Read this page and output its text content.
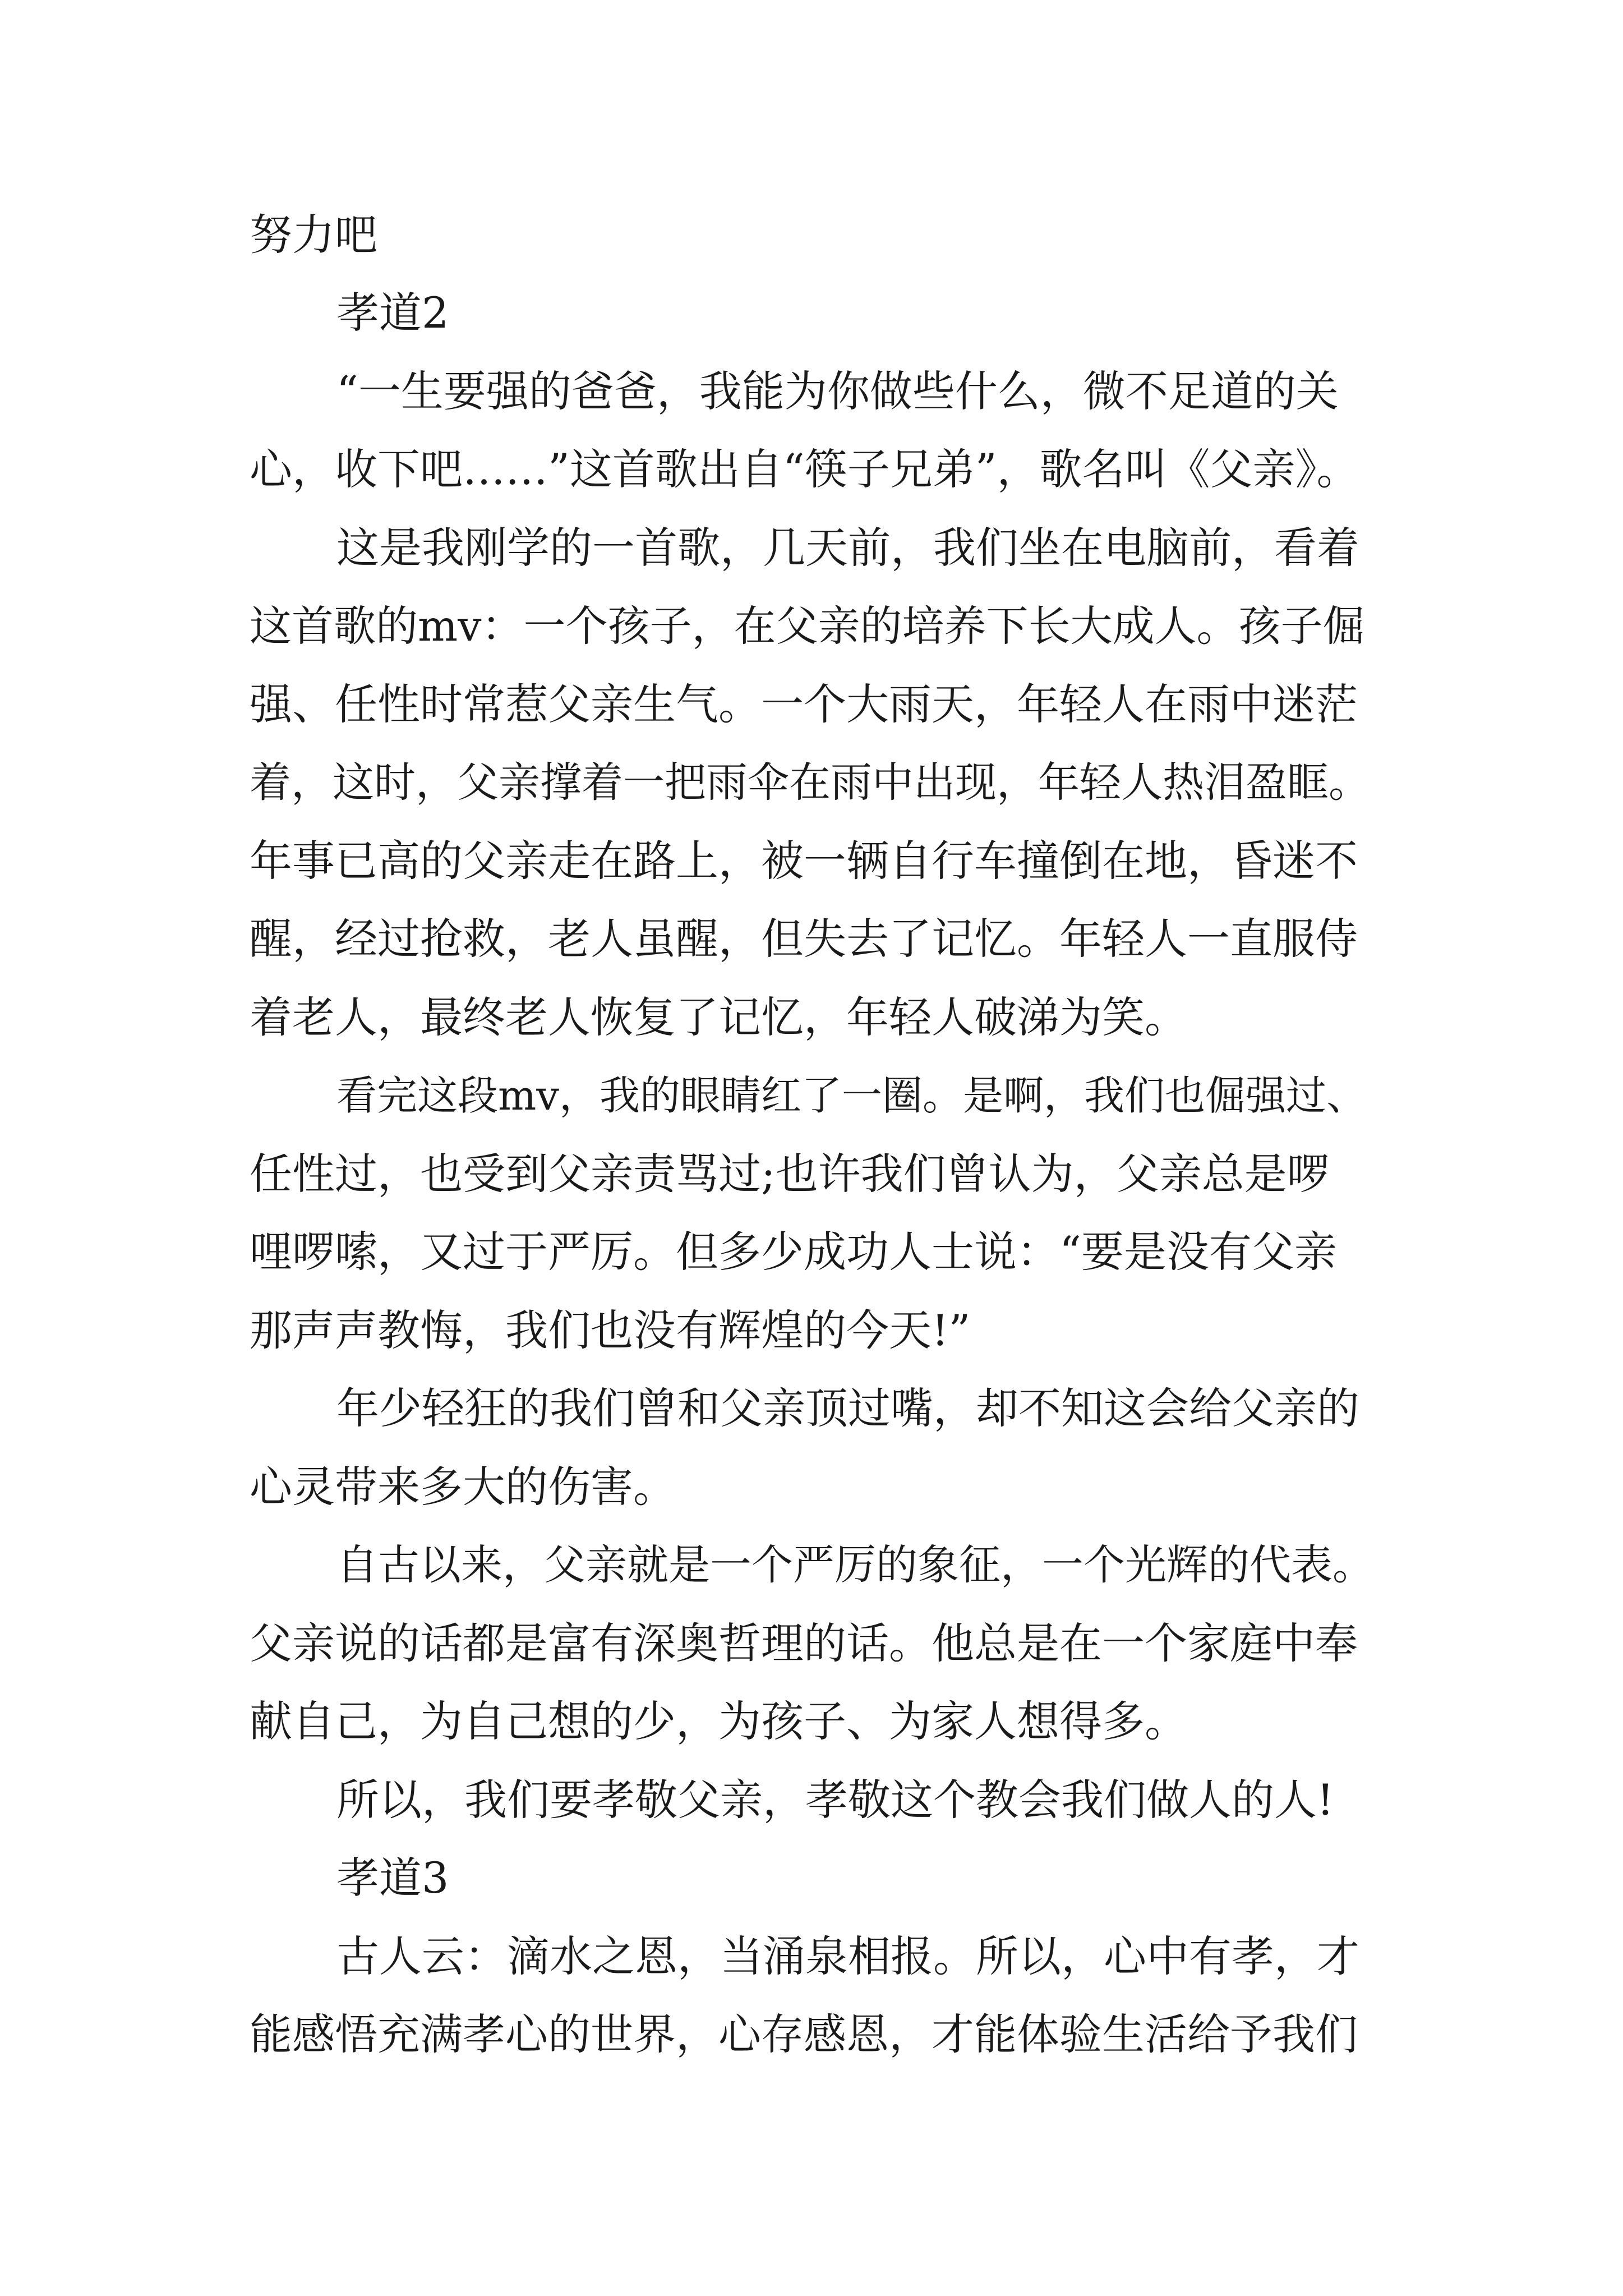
努力吧
孝道2
“一生要强的爸爸，我能为你做些什么，微不足道的关
心，收下吧……”这首歌出自“筷子兄弟”，歌名叫《父亲》。
这是我刚学的一首歌，几天前，我们坐在电脑前，看着
这首歌的mv：一个孩子，在父亲的培养下长大成人。孩子倔
强、任性时常惹父亲生气。一个大雨天，年轻人在雨中迷茫
着，这时，父亲撑着一把雨伞在雨中出现，年轻人热泪盈眶。
年事已高的父亲走在路上，被一辆自行车撞倒在地，昏迷不
醒，经过抢救，老人虽醒，但失去了记忆。年轻人一直服侍
着老人，最终老人恢复了记忆，年轻人破涕为笑。
看完这段mv，我的眼睛红了一圈。是啊，我们也倔强过、
任性过，也受到父亲责骂过;也许我们曾认为，父亲总是啰
哩啰嗦，又过于严厉。但多少成功人士说：“要是没有父亲
那声声教悔，我们也没有辉煌的今天!”
年少轻狂的我们曾和父亲顶过嘴，却不知这会给父亲的
心灵带来多大的伤害。
自古以来，父亲就是一个严厉的象征，一个光辉的代表。
父亲说的话都是富有深奥哲理的话。他总是在一个家庭中奉
献自己，为自己想的少，为孩子、为家人想得多。
所以，我们要孝敬父亲，孝敬这个教会我们做人的人!
孝道3
古人云：滴水之恩，当涌泉相报。所以，心中有孝，才
能感悟充满孝心的世界，心存感恩，才能体验生活给予我们
